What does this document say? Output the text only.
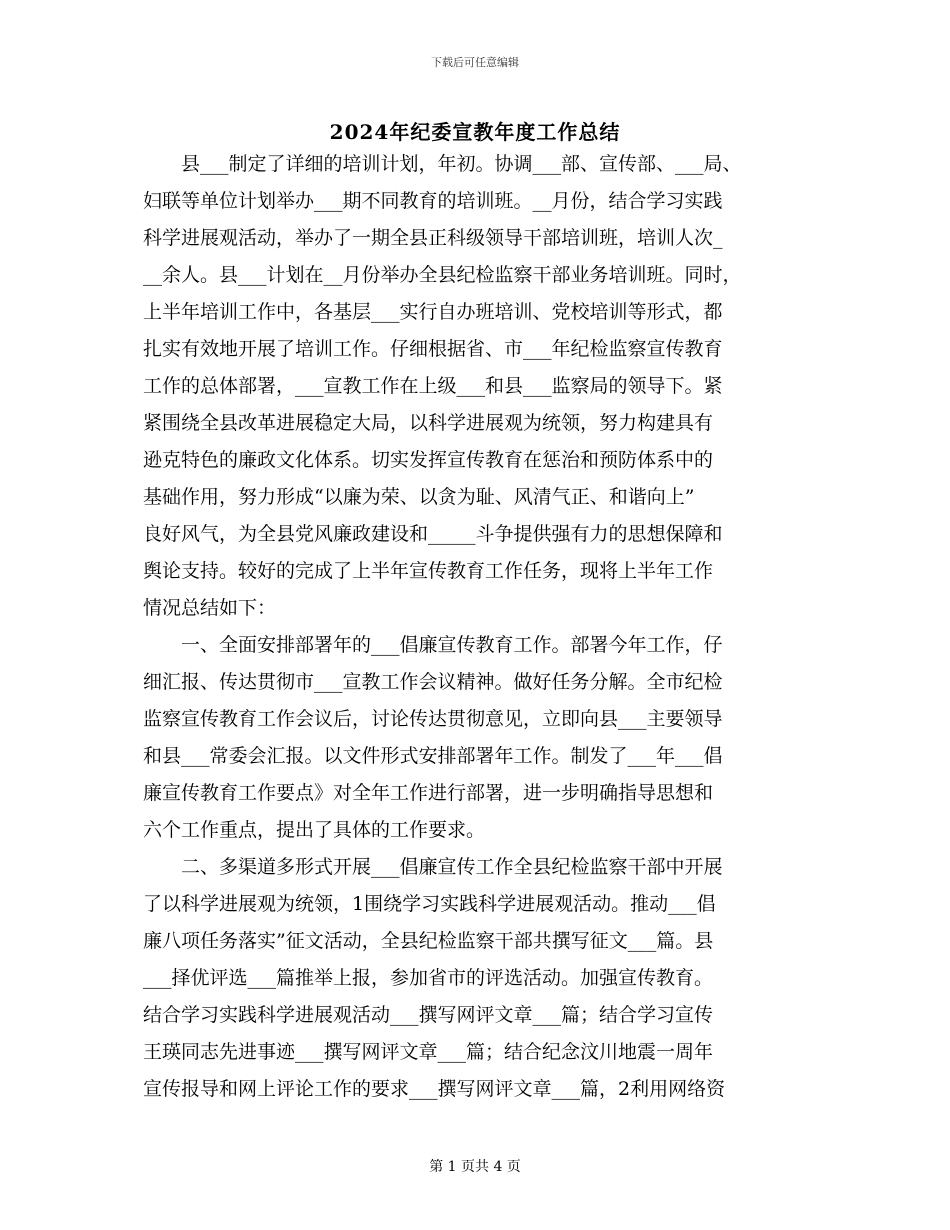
下载后可任意编辑
2024年纪委宣教年度工作总结
　　县___制定了详细的培训计划，年初。协调___部、宣传部、___局、
妇联等单位计划举办___期不同教育的培训班。__月份，结合学习实践
科学进展观活动，举办了一期全县正科级领导干部培训班，培训人次_
__余人。县___计划在__月份举办全县纪检监察干部业务培训班。同时，
上半年培训工作中，各基层___实行自办班培训、党校培训等形式，都
扎实有效地开展了培训工作。仔细根据省、市___年纪检监察宣传教育
工作的总体部署，___宣教工作在上级___和县___监察局的领导下。紧
紧围绕全县改革进展稳定大局，以科学进展观为统领，努力构建具有
逊克特色的廉政文化体系。切实发挥宣传教育在惩治和预防体系中的
基础作用，努力形成“以廉为荣、以贪为耻、风清气正、和谐向上”
良好风气，为全县党风廉政建设和_____斗争提供强有力的思想保障和
舆论支持。较好的完成了上半年宣传教育工作任务，现将上半年工作
情况总结如下：
　　一、全面安排部署年的___倡廉宣传教育工作。部署今年工作，仔
细汇报、传达贯彻市___宣教工作会议精神。做好任务分解。全市纪检
监察宣传教育工作会议后，讨论传达贯彻意见，立即向县___主要领导
和县___常委会汇报。以文件形式安排部署年工作。制发了___年___倡
廉宣传教育工作要点》对全年工作进行部署，进一步明确指导思想和
六个工作重点，提出了具体的工作要求。
　　二、多渠道多形式开展___倡廉宣传工作全县纪检监察干部中开展
了以科学进展观为统领，1围绕学习实践科学进展观活动。推动___倡
廉八项任务落实”征文活动，全县纪检监察干部共撰写征文___篇。县
___择优评选___篇推举上报，参加省市的评选活动。加强宣传教育。
结合学习实践科学进展观活动___撰写网评文章___篇；结合学习宣传
王瑛同志先进事迹___撰写网评文章___篇；结合纪念汶川地震一周年
宣传报导和网上评论工作的要求___撰写网评文章___篇，2利用网络资
第 1 页共 4 页
